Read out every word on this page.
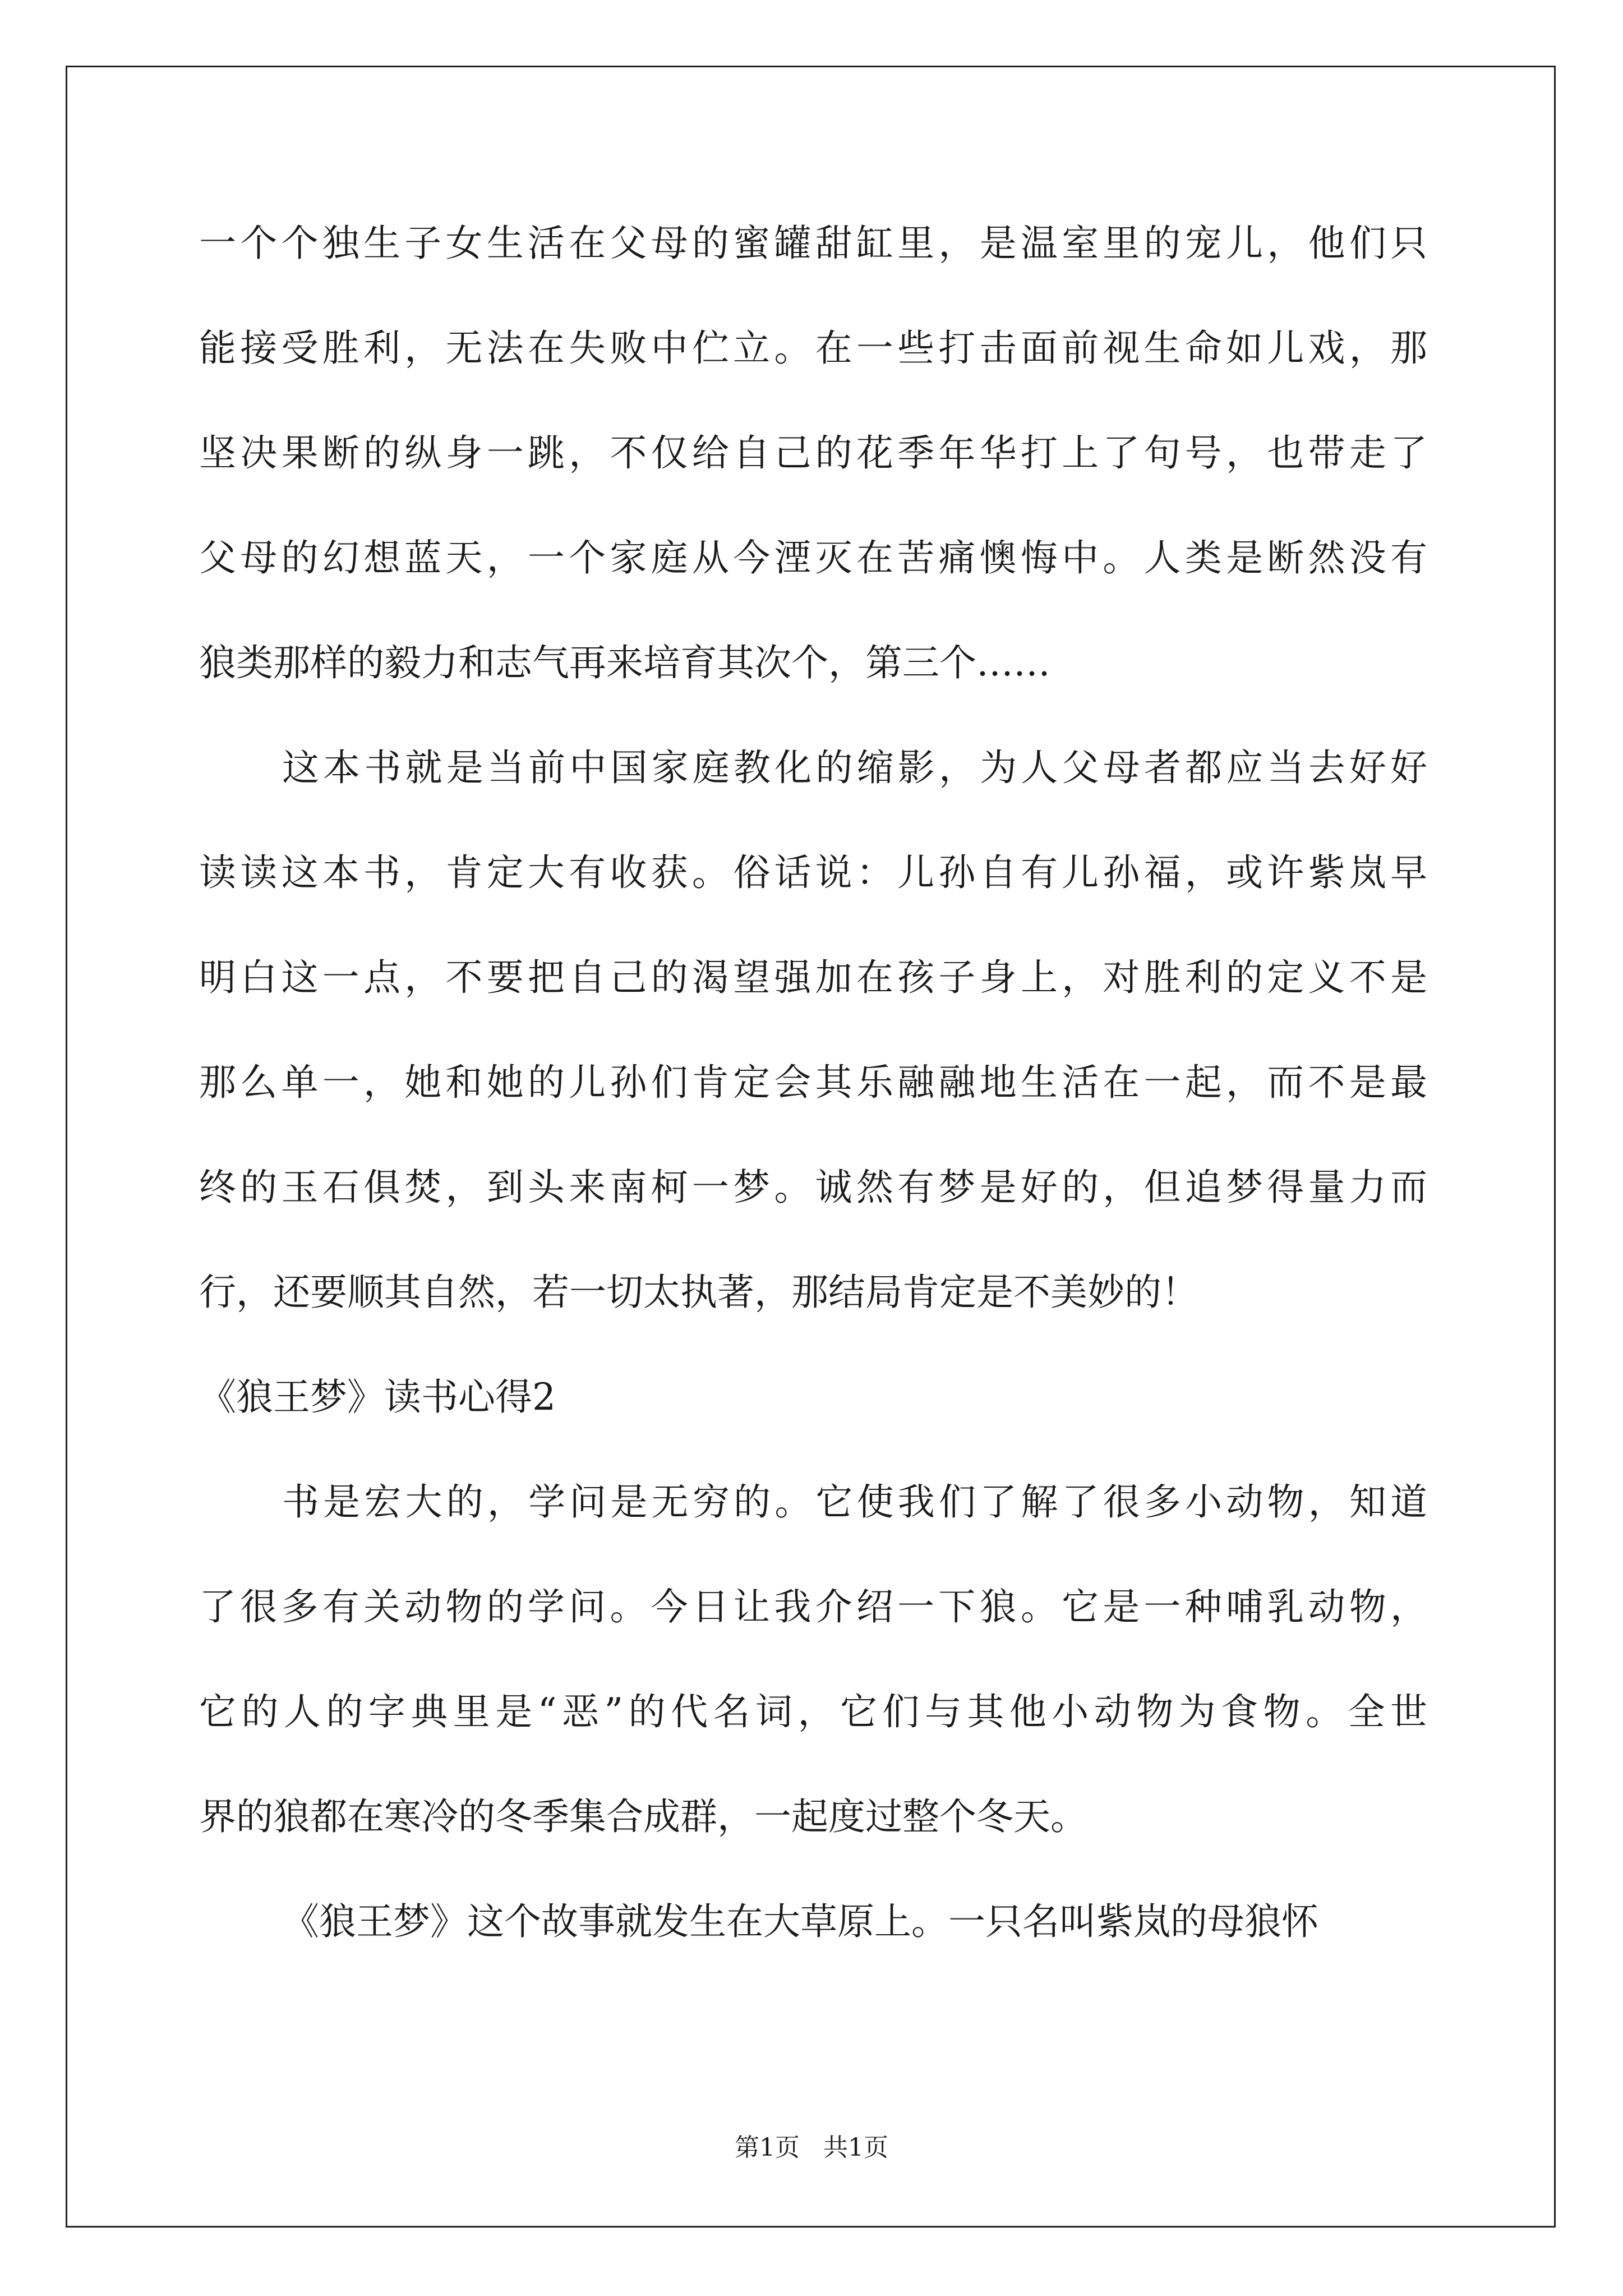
一个个独生子女生活在父母的蜜罐甜缸里，是温室里的宠儿，他们只
能接受胜利，无法在失败中伫立。在一些打击面前视生命如儿戏，那
坚决果断的纵身一跳，不仅给自己的花季年华打上了句号，也带走了
父母的幻想蓝天，一个家庭从今湮灭在苦痛懊悔中。人类是断然没有
狼类那样的毅力和志气再来培育其次个，第三个……
这本书就是当前中国家庭教化的缩影，为人父母者都应当去好好
读读这本书，肯定大有收获。俗话说：儿孙自有儿孙福，或许紫岚早
明白这一点，不要把自己的渴望强加在孩子身上，对胜利的定义不是
那么单一，她和她的儿孙们肯定会其乐融融地生活在一起，而不是最
终的玉石俱焚，到头来南柯一梦。诚然有梦是好的，但追梦得量力而
行，还要顺其自然，若一切太执著，那结局肯定是不美妙的！
《狼王梦》读书心得2
书是宏大的，学问是无穷的。它使我们了解了很多小动物，知道
了很多有关动物的学问。今日让我介绍一下狼。它是一种哺乳动物，
它的人的字典里是“恶”的代名词，它们与其他小动物为食物。全世
界的狼都在寒冷的冬季集合成群，一起度过整个冬天。
《狼王梦》这个故事就发生在大草原上。一只名叫紫岚的母狼怀
第1页   共1页
